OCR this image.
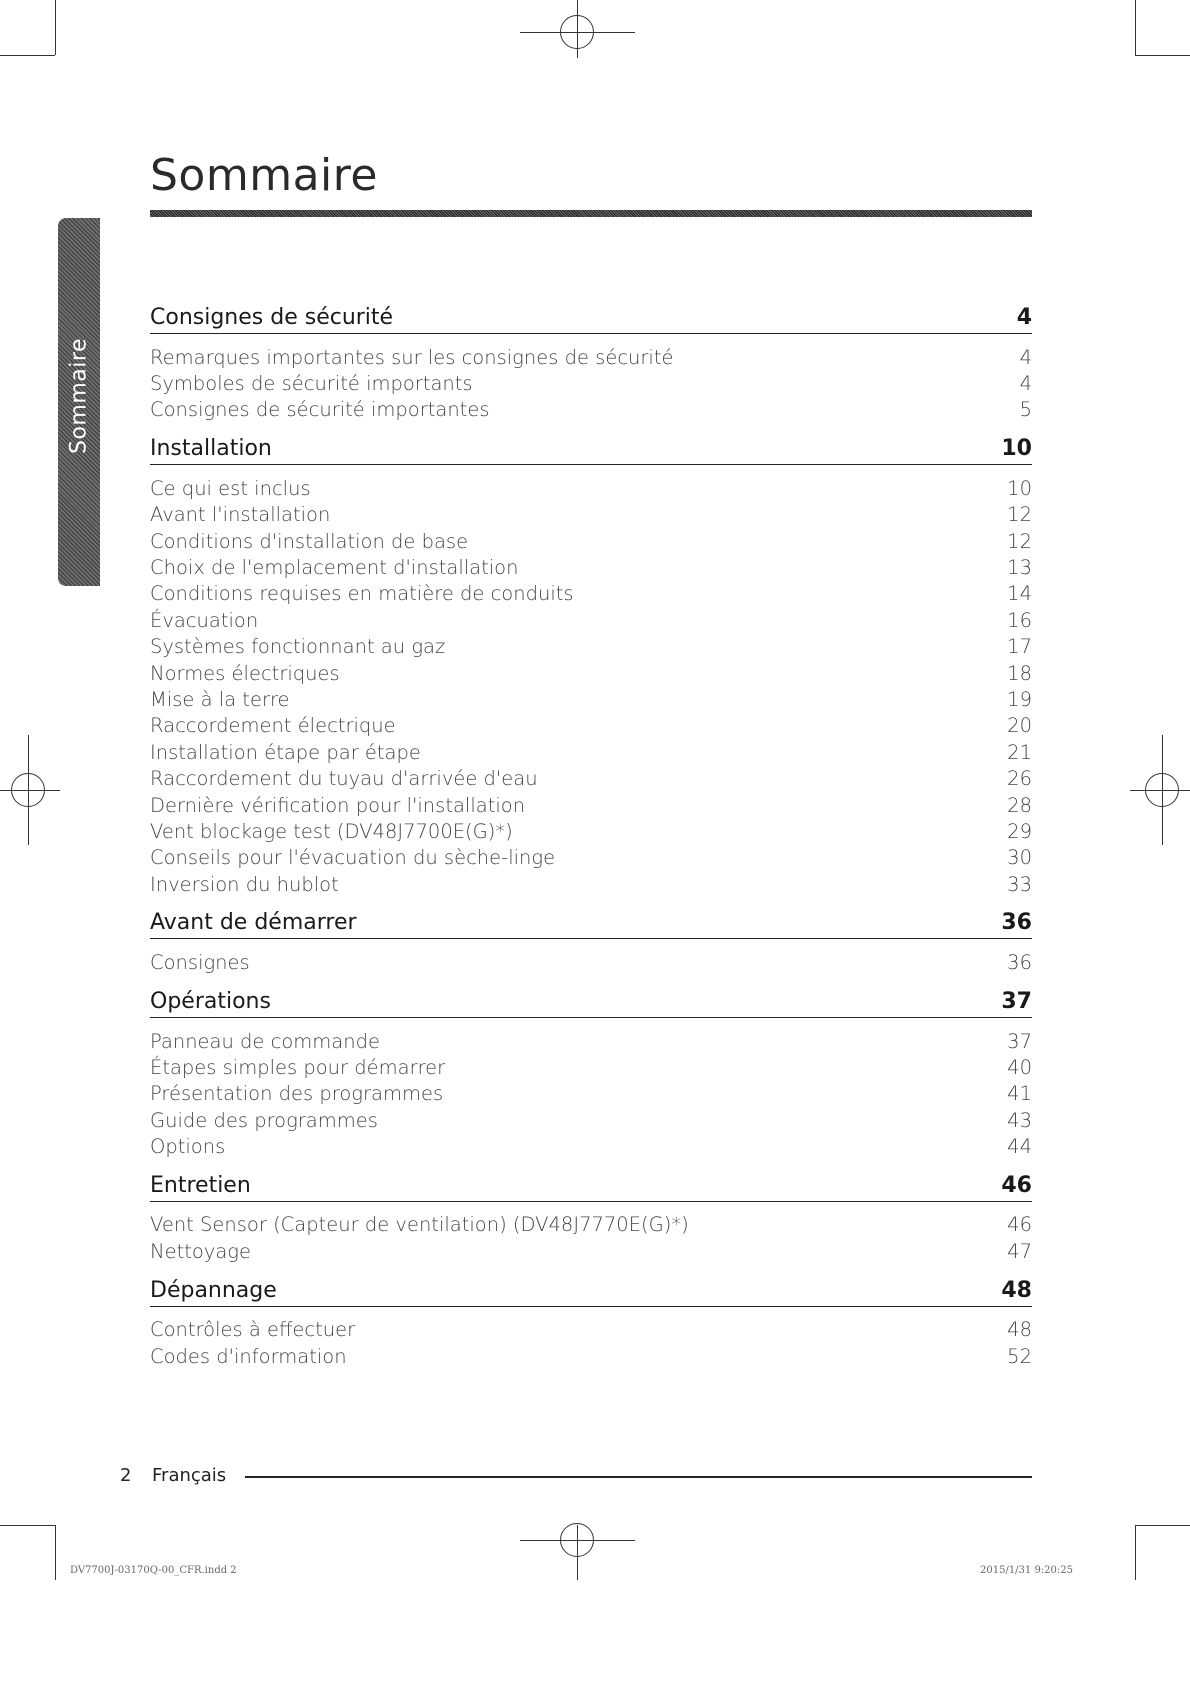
Sommaire
Sommaire
Consignes de sécurité	4
Remarques importantes sur les consignes de sécurité	4
Symboles de sécurité importants	4
Consignes de sécurité importantes	5
Installation	10
Ce qui est inclus	10
Avant l'installation	12
Conditions d'installation de base	12
Choix de l'emplacement d'installation	13
Conditions requises en matière de conduits	14
Évacuation	16
Systèmes fonctionnant au gaz	17
Normes électriques	18
Mise à la terre	19
Raccordement électrique	20
Installation étape par étape	21
Raccordement du tuyau d'arrivée d'eau	26
Dernière vérification pour l'installation	28
Vent blockage test (DV48J7700E(G)*)	29
Conseils pour l'évacuation du sèche-linge	30
Inversion du hublot	33
Avant de démarrer	36
Consignes	36
Opérations	37
Panneau de commande	37
Étapes simples pour démarrer	40
Présentation des programmes	41
Guide des programmes	43
Options	44
Entretien	46
Vent Sensor (Capteur de ventilation) (DV48J7770E(G)*)	46
Nettoyage	47
Dépannage	48
Contrôles à effectuer	48
Codes d'information	52
2 Français
DV7700J-03170Q-00_CFR.indd 2	2015/1/31 9:20:25
